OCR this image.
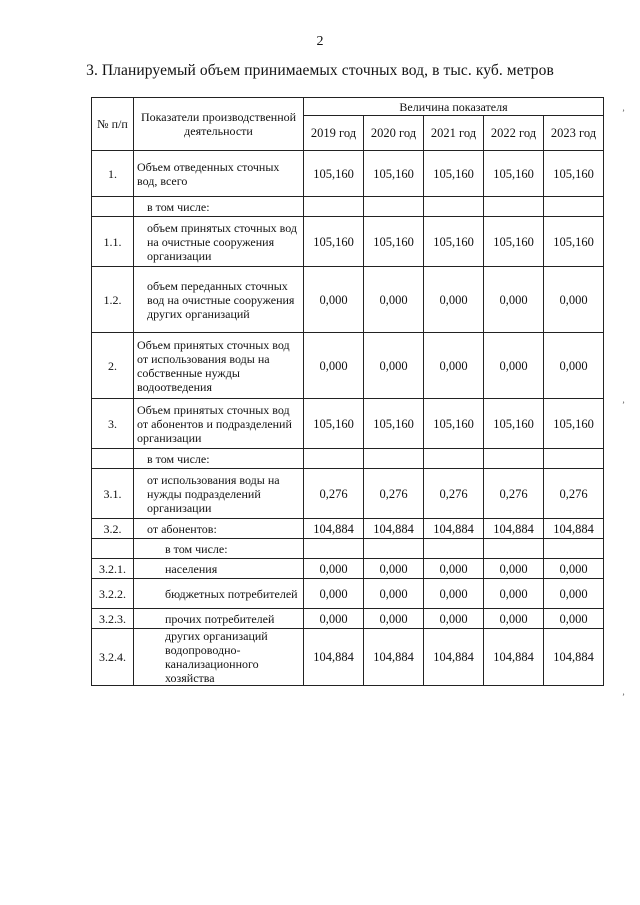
2
3. Планируемый объем принимаемых сточных вод, в тыс. куб. метров
№ п/п	Показатели производственной деятельности	Величина показателя				
		2019 год	2020 год	2021 год	2022 год	2023 год
1.	Объем отведенных сточных вод, всего	105,160	105,160	105,160	105,160	105,160

	в том числе:					

1.1.	объем принятых сточных вод на очистные сооружения организации	105,160	105,160	105,160	105,160	105,160
1.2.	объем переданных сточных вод на очистные сооружения других организаций	0,000	0,000	0,000	0,000	0,000
2.	Объем принятых сточных вод от использования воды на собственные нужды водоотведения	0,000	0,000	0,000	0,000	0,000
3.	Объем принятых сточных вод от абонентов и подразделений организации	105,160	105,160	105,160	105,160	105,160

	в том числе:					

3.1.	от использования воды на нужды подразделений организации	0,276	0,276	0,276	0,276	0,276
3.2.	от абонентов:	104,884	104,884	104,884	104,884	104,884

	в том числе:					

3.2.1.	населения	0,000	0,000	0,000	0,000	0,000
3.2.2.	бюджетных потребителей	0,000	0,000	0,000	0,000	0,000
3.2.3.	прочих потребителей	0,000	0,000	0,000	0,000	0,000
3.2.4.	других организаций водопроводно-канализационного хозяйства	104,884	104,884	104,884	104,884	104,884
ʼ
ʼ
ʼ
